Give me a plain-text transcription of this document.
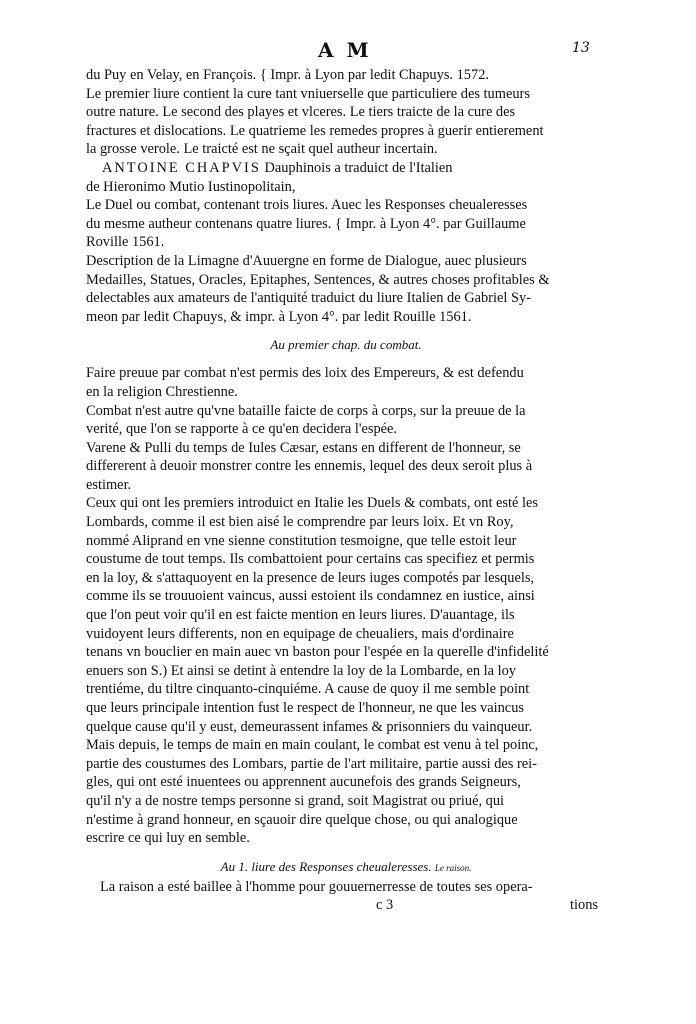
A M	13
du Puy en Velay, en François. { Impr. à Lyon par ledit Chapuys. 1572.
Le premier liure contient la cure tant vniuerselle que particuliere des tumeurs
outre nature. Le second des playes et vlceres. Le tiers traicte de la cure des
fractures et dislocations. Le quatrieme les remedes propres à guerir entierement
la grosse verole. Le traicté est ne sçait quel autheur incertain.
ANTOINE CHAPVIS Dauphinois a traduict de l'Italien
de Hieronimo Mutio Iustinopolitain,
Le Duel ou combat, contenant trois liures. Auec les Responses cheualeresses
du mesme autheur contenans quatre liures. { Impr. à Lyon 4°. par Guillaume
Roville 1561.
Description de la Limagne d'Auuergne en forme de Dialogue, auec plusieurs
Medailles, Statues, Oracles, Epitaphes, Sentences, & autres choses profitables &
delectables aux amateurs de l'antiquité traduict du liure Italien de Gabriel Sy-
meon par ledit Chapuys, & impr. à Lyon 4°. par ledit Rouille 1561.
Au premier chap. du combat.
Faire preuue par combat n'est permis des loix des Empereurs, & est defendu
en la religion Chrestienne.
Combat n'est autre qu'vne bataille faicte de corps à corps, sur la preuue de la
verité, que l'on se rapporte à ce qu'en decidera l'espée.
Varene & Pulli du temps de Iules Cæsar, estans en different de l'honneur, se
differerent à deuoir monstrer contre les ennemis, lequel des deux seroit plus à
estimer.
Ceux qui ont les premiers introduict en Italie les Duels & combats, ont esté les
Lombards, comme il est bien aisé le comprendre par leurs loix. Et vn Roy,
nommé Aliprand en vne sienne constitution tesmoigne, que telle estoit leur
coustume de tout temps. Ils combattoient pour certains cas specifiez et permis
en la loy, & s'attaquoyent en la presence de leurs iuges compotés par lesquels,
comme ils se trouuoient vaincus, aussi estoient ils condamnez en iustice, ainsi
que l'on peut voir qu'il en est faicte mention en leurs liures. D'auantage, ils
vuidoyent leurs differents, non en equipage de cheualiers, mais d'ordinaire
tenans vn bouclier en main auec vn baston pour l'espée en la querelle d'infidelité
enuers son S.) Et ainsi se detint à entendre la loy de la Lombarde, en la loy
trentiéme, du tiltre cinquanto-cinquiéme. A cause de quoy il me semble point
que leurs principale intention fust le respect de l'honneur, ne que les vaincus
quelque cause qu'il y eust, demeurassent infames & prisonniers du vainqueur.
Mais depuis, le temps de main en main coulant, le combat est venu à tel poinc,
partie des coustumes des Lombars, partie de l'art militaire, partie aussi des rei-
gles, qui ont esté inuentees ou apprennent aucunefois des grands Seigneurs,
qu'il n'y a de nostre temps personne si grand, soit Magistrat ou priué, qui
n'estime à grand honneur, en sçauoir dire quelque chose, ou qui analogique
escrire ce qui luy en semble.
Au 1. liure des Responses cheualeresses. Le raison.
La raison a esté baillee à l'homme pour gouuernerresse de toutes ses opera-
c 3	tions
